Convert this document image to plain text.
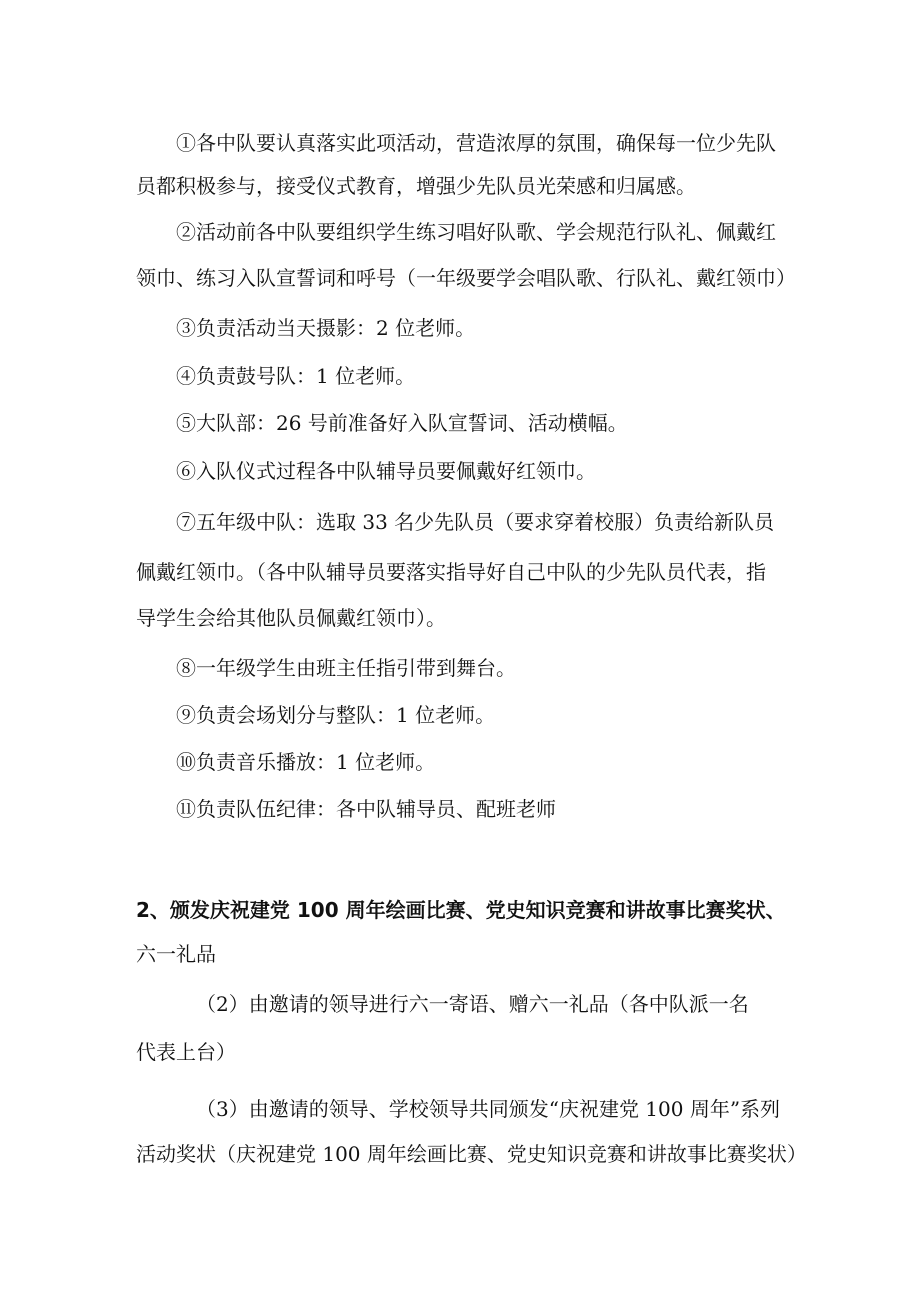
①各中队要认真落实此项活动，营造浓厚的氛围，确保每一位少先队
员都积极参与，接受仪式教育，增强少先队员光荣感和归属感。
②活动前各中队要组织学生练习唱好队歌、学会规范行队礼、佩戴红
领巾、练习入队宣誓词和呼号（一年级要学会唱队歌、行队礼、戴红领巾）
③负责活动当天摄影：2 位老师。
④负责鼓号队：1 位老师。
⑤大队部：26 号前准备好入队宣誓词、活动横幅。
⑥入队仪式过程各中队辅导员要佩戴好红领巾。
⑦五年级中队：选取 33 名少先队员（要求穿着校服）负责给新队员
佩戴红领巾。（各中队辅导员要落实指导好自己中队的少先队员代表，指
导学生会给其他队员佩戴红领巾）。
⑧一年级学生由班主任指引带到舞台。
⑨负责会场划分与整队：1 位老师。
⑩负责音乐播放：1 位老师。
⑪负责队伍纪律：各中队辅导员、配班老师
2、颁发庆祝建党 100 周年绘画比赛、党史知识竞赛和讲故事比赛奖状、
六一礼品
（2）由邀请的领导进行六一寄语、赠六一礼品（各中队派一名
代表上台）
（3）由邀请的领导、学校领导共同颁发“庆祝建党 100 周年”系列
活动奖状（庆祝建党 100 周年绘画比赛、党史知识竞赛和讲故事比赛奖状）
